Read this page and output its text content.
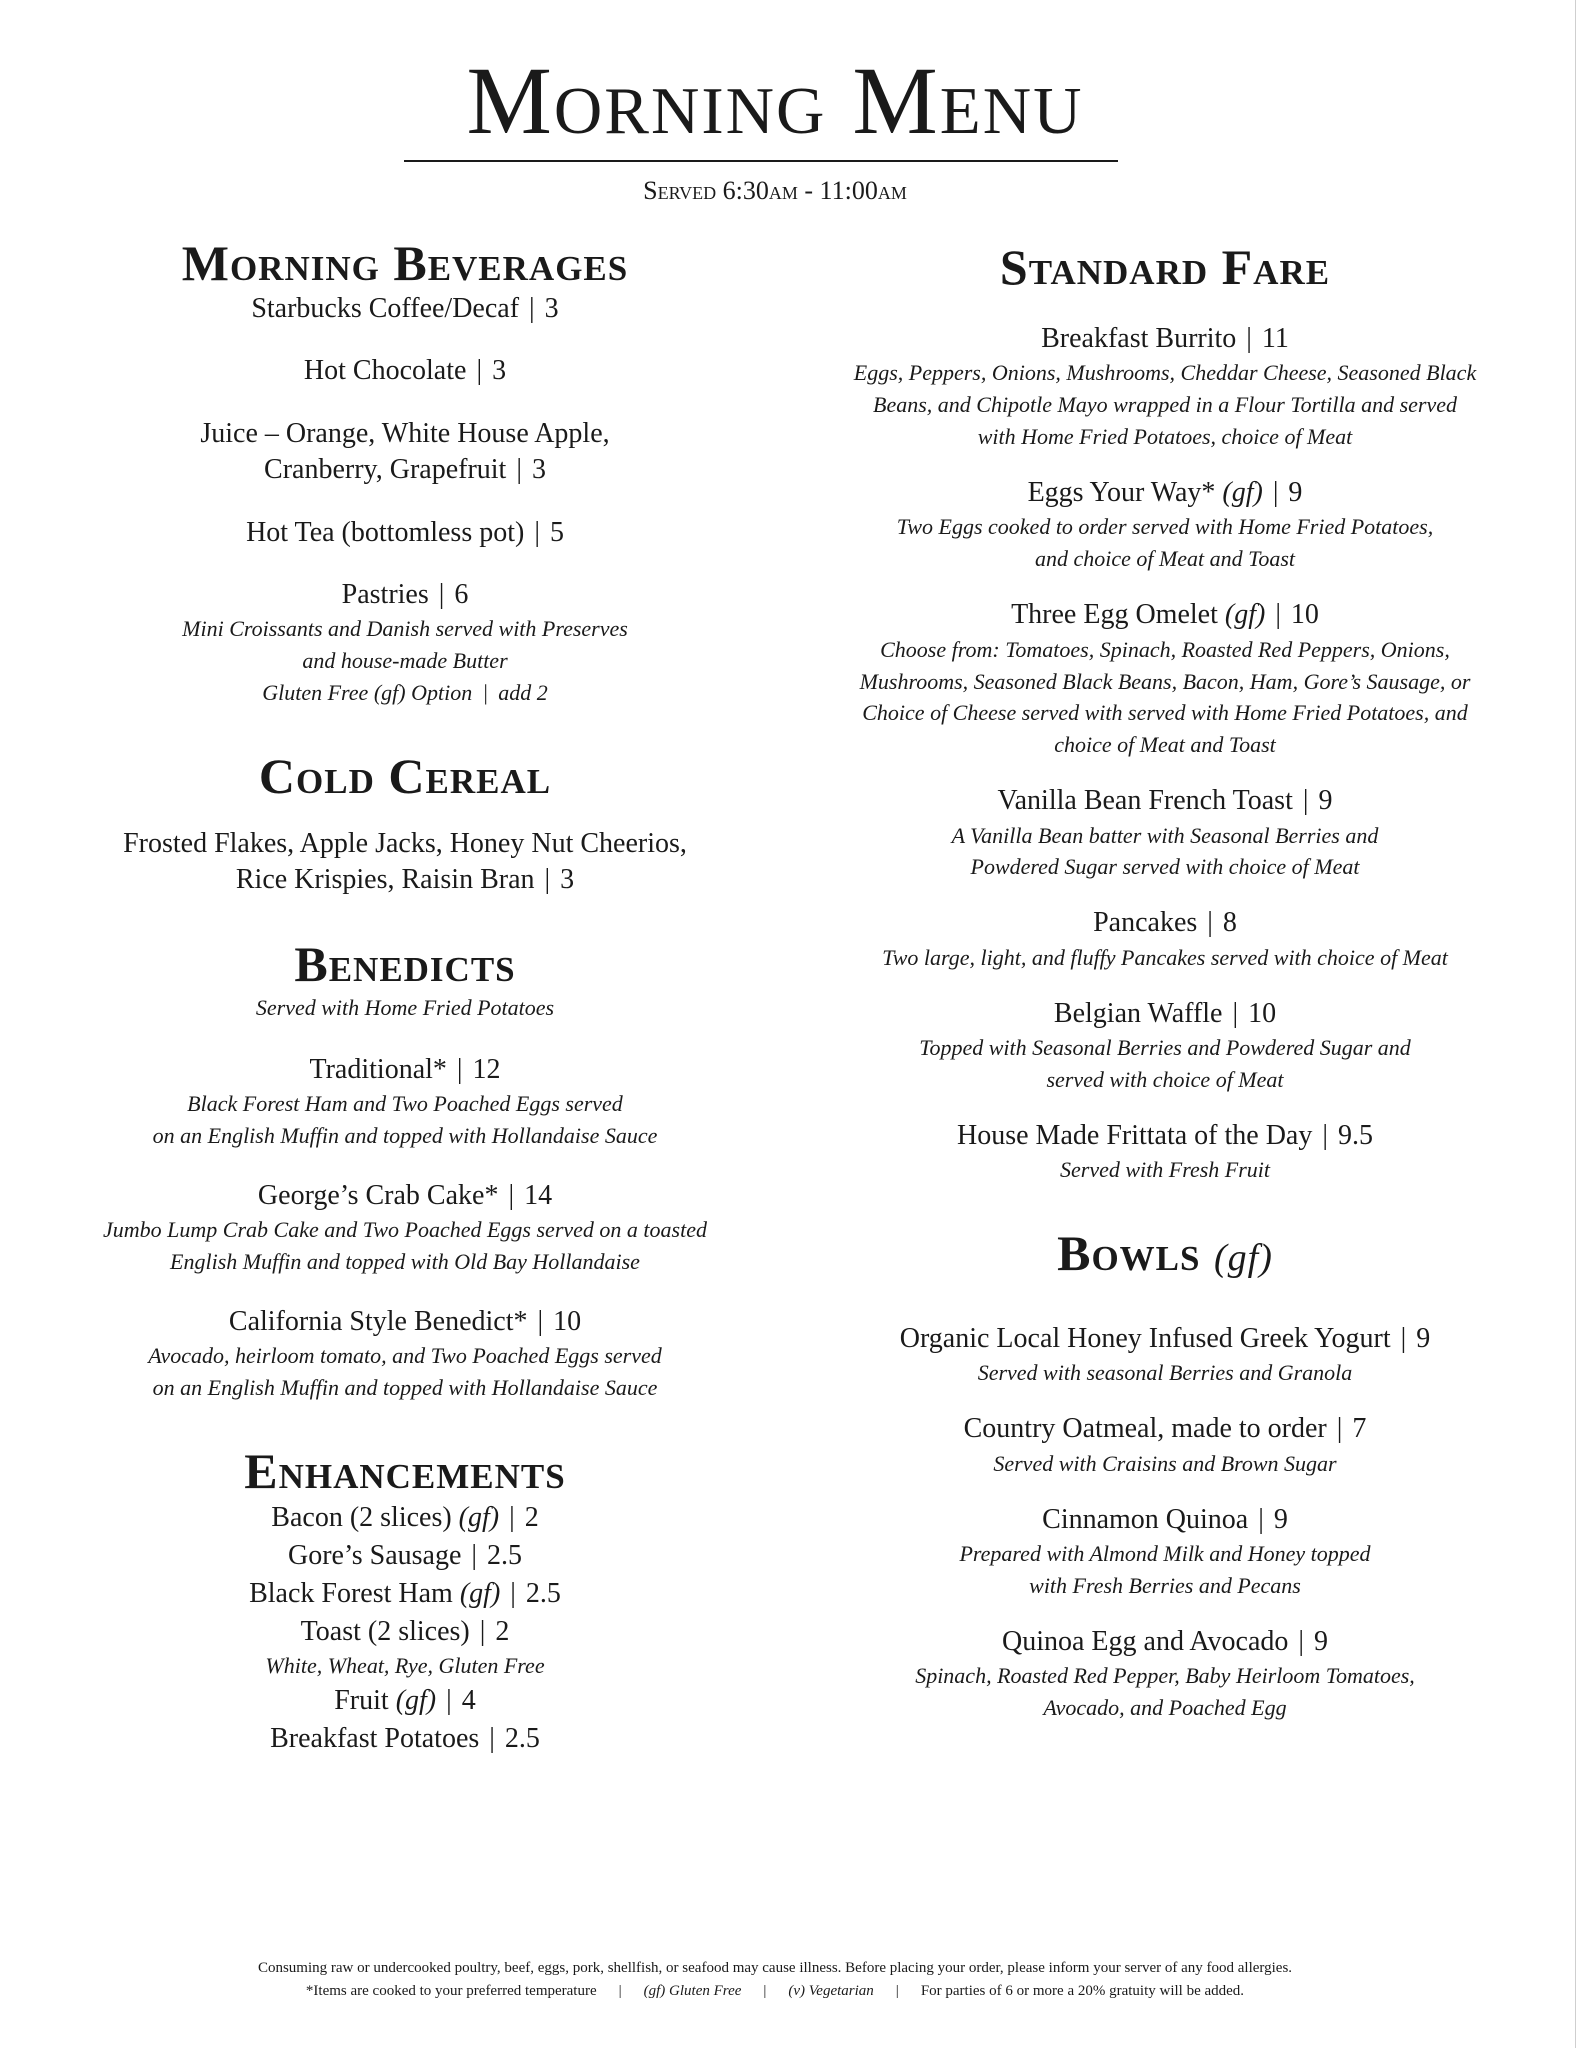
Morning Menu
Served 6:30am - 11:00am
Morning Beverages
Starbucks Coffee/Decaf | 3
Hot Chocolate | 3
Juice – Orange, White House Apple,
Cranberry, Grapefruit | 3
Hot Tea (bottomless pot) | 5
Pastries | 6
Mini Croissants and Danish served with Preserves
and house-made Butter
Gluten Free (gf) Option | add 2
Cold Cereal
Frosted Flakes, Apple Jacks, Honey Nut Cheerios,
Rice Krispies, Raisin Bran | 3
Benedicts
Served with Home Fried Potatoes
Traditional* | 12
Black Forest Ham and Two Poached Eggs served
on an English Muffin and topped with Hollandaise Sauce
George’s Crab Cake* | 14
Jumbo Lump Crab Cake and Two Poached Eggs served on a toasted
English Muffin and topped with Old Bay Hollandaise
California Style Benedict* | 10
Avocado, heirloom tomato, and Two Poached Eggs served
on an English Muffin and topped with Hollandaise Sauce
Enhancements
Bacon (2 slices) (gf) | 2
Gore’s Sausage | 2.5
Black Forest Ham (gf) | 2.5
Toast (2 slices) | 2
White, Wheat, Rye, Gluten Free
Fruit (gf) | 4
Breakfast Potatoes | 2.5
Standard Fare
Breakfast Burrito | 11
Eggs, Peppers, Onions, Mushrooms, Cheddar Cheese, Seasoned Black
Beans, and Chipotle Mayo wrapped in a Flour Tortilla and served
with Home Fried Potatoes, choice of Meat
Eggs Your Way* (gf) | 9
Two Eggs cooked to order served with Home Fried Potatoes,
and choice of Meat and Toast
Three Egg Omelet (gf) | 10
Choose from: Tomatoes, Spinach, Roasted Red Peppers, Onions,
Mushrooms, Seasoned Black Beans, Bacon, Ham, Gore’s Sausage, or
Choice of Cheese served with served with Home Fried Potatoes, and
choice of Meat and Toast
Vanilla Bean French Toast | 9
A Vanilla Bean batter with Seasonal Berries and
Powdered Sugar served with choice of Meat
Pancakes | 8
Two large, light, and fluffy Pancakes served with choice of Meat
Belgian Waffle | 10
Topped with Seasonal Berries and Powdered Sugar and
served with choice of Meat
House Made Frittata of the Day | 9.5
Served with Fresh Fruit
Bowls (gf)
Organic Local Honey Infused Greek Yogurt | 9
Served with seasonal Berries and Granola
Country Oatmeal, made to order | 7
Served with Craisins and Brown Sugar
Cinnamon Quinoa | 9
Prepared with Almond Milk and Honey topped
with Fresh Berries and Pecans
Quinoa Egg and Avocado | 9
Spinach, Roasted Red Pepper, Baby Heirloom Tomatoes,
Avocado, and Poached Egg
Consuming raw or undercooked poultry, beef, eggs, pork, shellfish, or seafood may cause illness. Before placing your order, please inform your server of any food allergies.
*Items are cooked to your preferred temperature | (gf) Gluten Free | (v) Vegetarian | For parties of 6 or more a 20% gratuity will be added.
